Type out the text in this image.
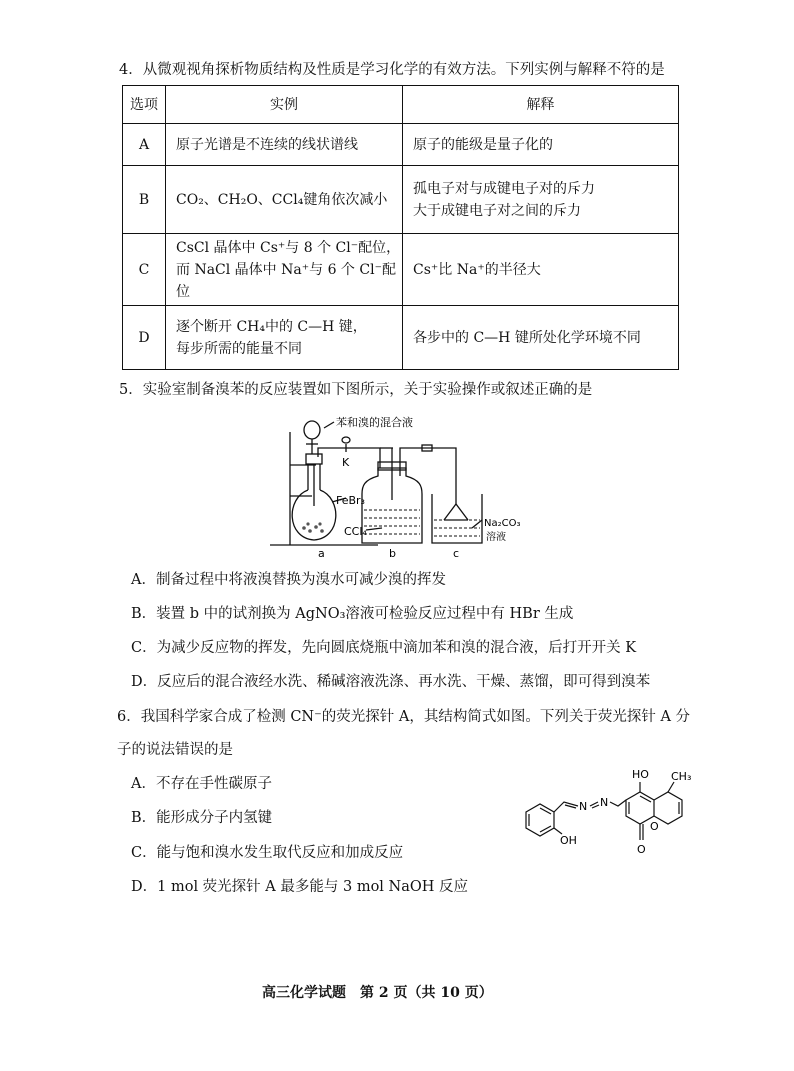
4．从微观视角探析物质结构及性质是学习化学的有效方法。下列实例与解释不符的是
选项	实例	解释
A	原子光谱是不连续的线状谱线	原子的能级是量子化的

B	CO₂、CH₂O、CCl₄键角依次减小	孤电子对与成键电子对的斥力
大于成键电子对之间的斥力

C	CsCl 晶体中 Cs⁺与 8 个 Cl⁻配位，
而 NaCl 晶体中 Na⁺与 6 个 Cl⁻配位	Cs⁺比 Na⁺的半径大

D	逐个断开 CH₄中的 C—H 键，
每步所需的能量不同	各步中的 C—H 键所处化学环境不同
5．实验室制备溴苯的反应装置如下图所示，关于实验操作或叙述正确的是
苯和溴的混合液
K
FeBr₃
CCl₄
Na₂CO₃
溶液
a	b	c
A．制备过程中将液溴替换为溴水可减少溴的挥发
B．装置 b 中的试剂换为 AgNO₃溶液可检验反应过程中有 HBr 生成
C．为减少反应物的挥发，先向圆底烧瓶中滴加苯和溴的混合液，后打开开关 K
D．反应后的混合液经水洗、稀碱溶液洗涤、再水洗、干燥、蒸馏，即可得到溴苯
6．我国科学家合成了检测 CN⁻的荧光探针 A，其结构简式如图。下列关于荧光探针 A 分
子的说法错误的是
A．不存在手性碳原子
B．能形成分子内氢键
C．能与饱和溴水发生取代反应和加成反应
D．1 mol 荧光探针 A 最多能与 3 mol NaOH 反应
HO
OH
CH₃
N N
O
O
高三化学试题　第 2 页（共 10 页）
